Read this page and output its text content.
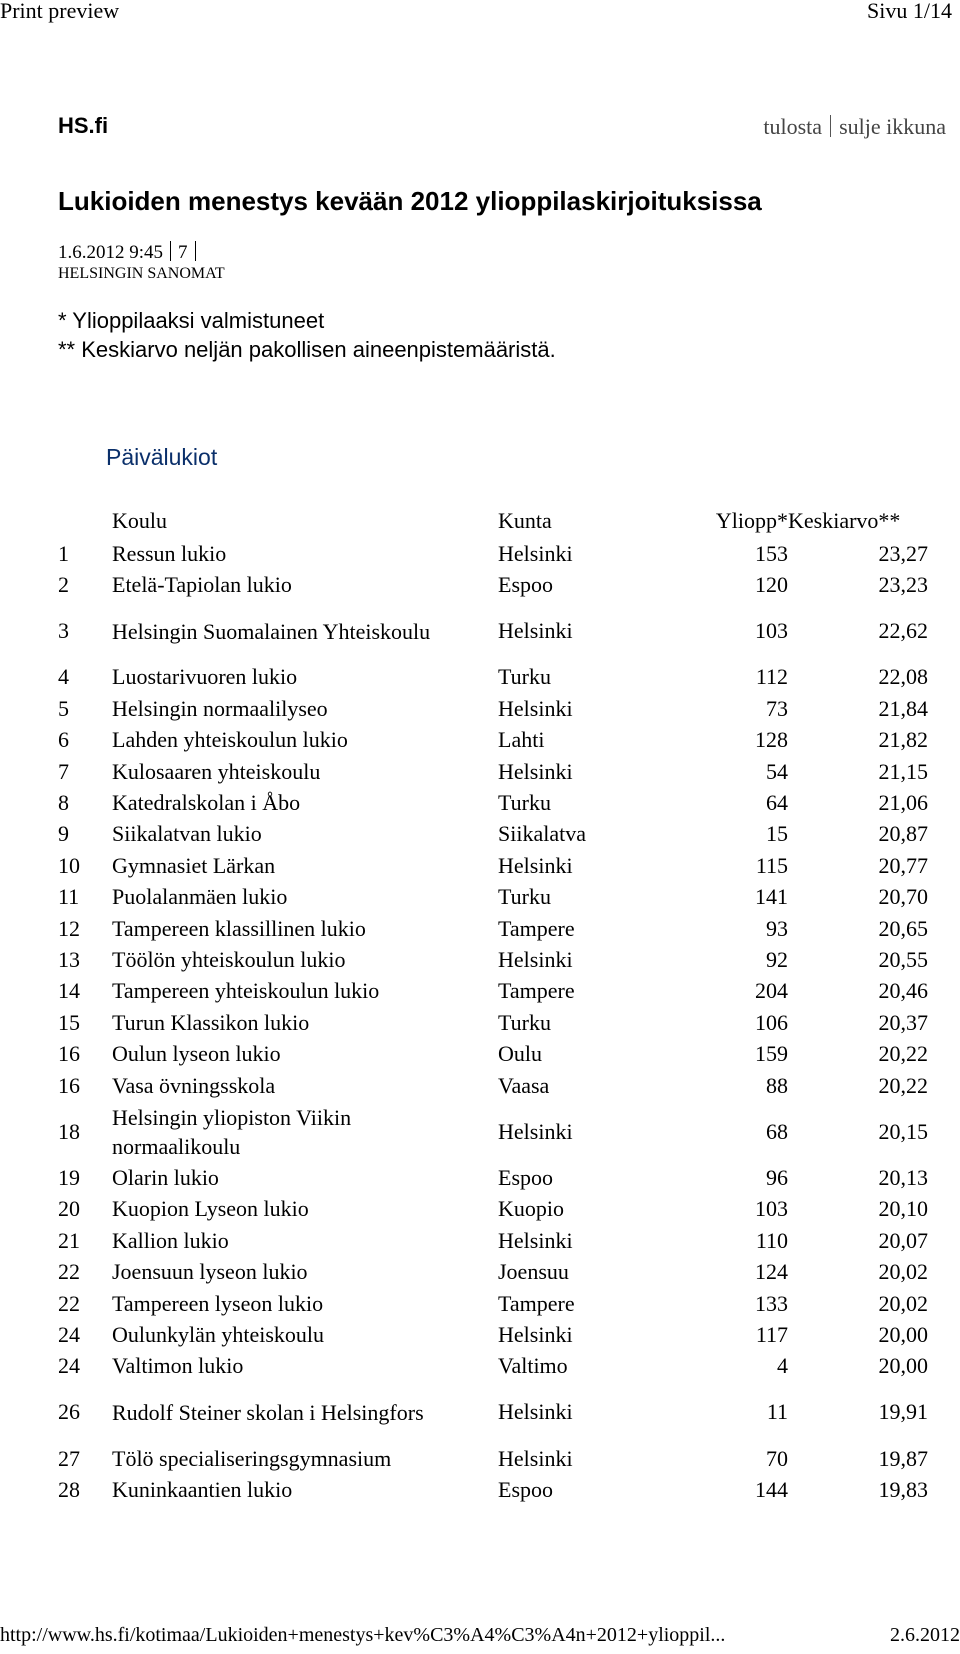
Print preview	Sivu 1/14
HS.fi	tulosta sulje ikkuna
Lukioiden menestys kevään 2012 ylioppilaskirjoituksissa
1.6.2012 9:45 7
HELSINGIN SANOMAT
* Ylioppilaaksi valmistuneet
** Keskiarvo neljän pakollisen aineenpistemääristä.
Päivälukiot
	Koulu	Kunta	Yliopp*	Keskiarvo**
1	Ressun lukio	Helsinki	153	23,27
2	Etelä-Tapiolan lukio	Espoo	120	23,23
3	Helsingin Suomalainen Yhteiskoulu	Helsinki	103	22,62
4	Luostarivuoren lukio	Turku	112	22,08
5	Helsingin normaalilyseo	Helsinki	73	21,84
6	Lahden yhteiskoulun lukio	Lahti	128	21,82
7	Kulosaaren yhteiskoulu	Helsinki	54	21,15
8	Katedralskolan i Åbo	Turku	64	21,06
9	Siikalatvan lukio	Siikalatva	15	20,87
10	Gymnasiet Lärkan	Helsinki	115	20,77
11	Puolalanmäen lukio	Turku	141	20,70
12	Tampereen klassillinen lukio	Tampere	93	20,65
13	Töölön yhteiskoulun lukio	Helsinki	92	20,55
14	Tampereen yhteiskoulun lukio	Tampere	204	20,46
15	Turun Klassikon lukio	Turku	106	20,37
16	Oulun lyseon lukio	Oulu	159	20,22
16	Vasa övningsskola	Vaasa	88	20,22
18	Helsingin yliopiston Viikin normaalikoulu	Helsinki	68	20,15
19	Olarin lukio	Espoo	96	20,13
20	Kuopion Lyseon lukio	Kuopio	103	20,10
21	Kallion lukio	Helsinki	110	20,07
22	Joensuun lyseon lukio	Joensuu	124	20,02
22	Tampereen lyseon lukio	Tampere	133	20,02
24	Oulunkylän yhteiskoulu	Helsinki	117	20,00
24	Valtimon lukio	Valtimo	4	20,00
26	Rudolf Steiner skolan i Helsingfors	Helsinki	11	19,91
27	Tölö specialiseringsgymnasium	Helsinki	70	19,87
28	Kuninkaantien lukio	Espoo	144	19,83
http://www.hs.fi/kotimaa/Lukioiden+menestys+kev%C3%A4%C3%A4n+2012+ylioppil...	2.6.2012
